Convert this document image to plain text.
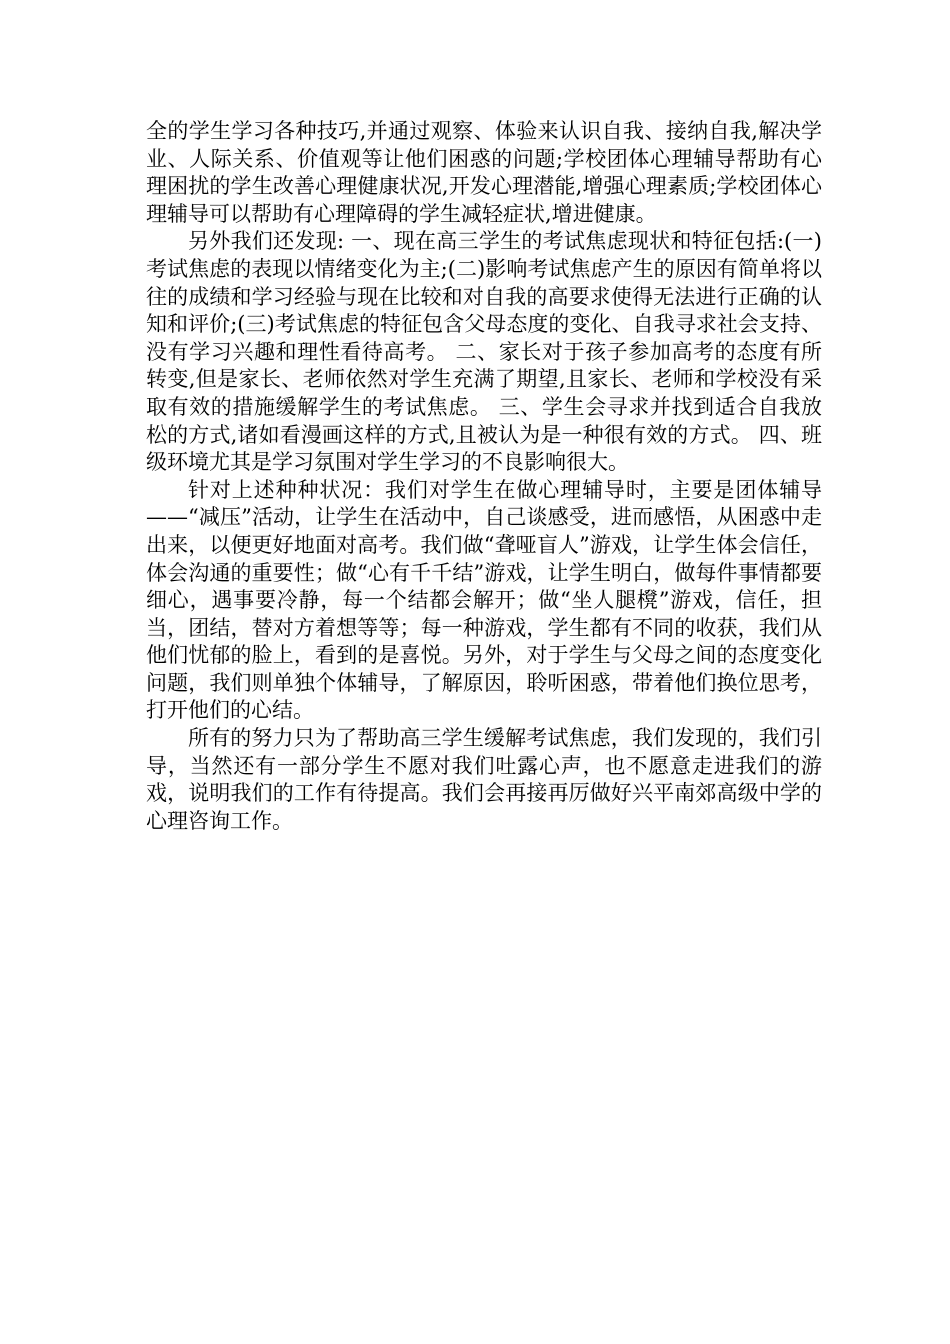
全的学生学习各种技巧,并通过观察、体验来认识自我、接纳自我,解决学业、人际关系、价值观等让他们困惑的问题;学校团体心理辅导帮助有心理困扰的学生改善心理健康状况,开发心理潜能,增强心理素质;学校团体心理辅导可以帮助有心理障碍的学生减轻症状,增进健康。

另外我们还发现: 一、现在高三学生的考试焦虑现状和特征包括:(一)考试焦虑的表现以情绪变化为主;(二)影响考试焦虑产生的原因有简单将以往的成绩和学习经验与现在比较和对自我的高要求使得无法进行正确的认知和评价;(三)考试焦虑的特征包含父母态度的变化、自我寻求社会支持、没有学习兴趣和理性看待高考。 二、家长对于孩子参加高考的态度有所转变,但是家长、老师依然对学生充满了期望,且家长、老师和学校没有采取有效的措施缓解学生的考试焦虑。 三、学生会寻求并找到适合自我放松的方式,诸如看漫画这样的方式,且被认为是一种很有效的方式。 四、班级环境尤其是学习氛围对学生学习的不良影响很大。

针对上述种种状况：我们对学生在做心理辅导时，主要是团体辅导——“减压”活动，让学生在活动中，自己谈感受，进而感悟，从困惑中走出来，以便更好地面对高考。我们做“聋哑盲人”游戏，让学生体会信任，体会沟通的重要性；做“心有千千结”游戏，让学生明白，做每件事情都要细心，遇事要冷静，每一个结都会解开；做“坐人腿櫈”游戏，信任，担当，团结，替对方着想等等；每一种游戏，学生都有不同的收获，我们从他们忧郁的脸上，看到的是喜悦。另外，对于学生与父母之间的态度变化问题，我们则单独个体辅导，了解原因，聆听困惑，带着他们换位思考，打开他们的心结。

所有的努力只为了帮助高三学生缓解考试焦虑，我们发现的，我们引导，当然还有一部分学生不愿对我们吐露心声，也不愿意走进我们的游戏，说明我们的工作有待提高。我们会再接再厉做好兴平南郊高级中学的心理咨询工作。
